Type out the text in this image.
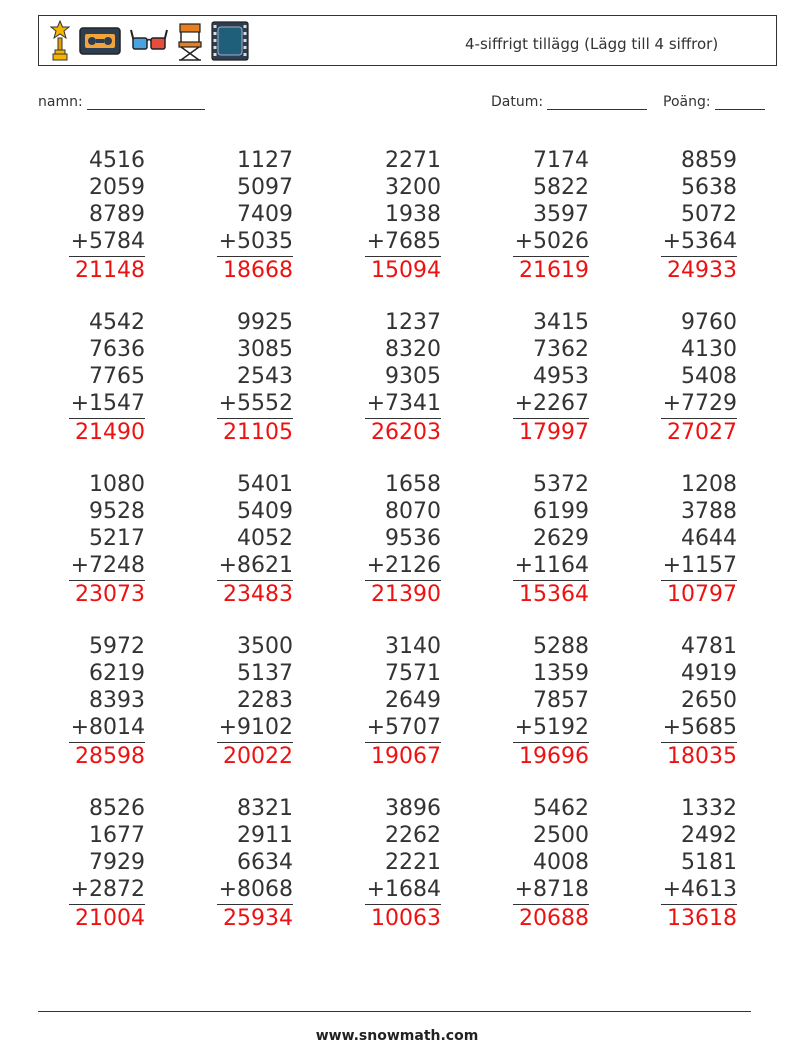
4-siffrigt tillägg (Lägg till 4 siffror)
namn:	Datum:	Poäng:
4516
2059
8789
+5784
21148
1127
5097
7409
+5035
18668
2271
3200
1938
+7685
15094
7174
5822
3597
+5026
21619
8859
5638
5072
+5364
24933
4542
7636
7765
+1547
21490
9925
3085
2543
+5552
21105
1237
8320
9305
+7341
26203
3415
7362
4953
+2267
17997
9760
4130
5408
+7729
27027
1080
9528
5217
+7248
23073
5401
5409
4052
+8621
23483
1658
8070
9536
+2126
21390
5372
6199
2629
+1164
15364
1208
3788
4644
+1157
10797
5972
6219
8393
+8014
28598
3500
5137
2283
+9102
20022
3140
7571
2649
+5707
19067
5288
1359
7857
+5192
19696
4781
4919
2650
+5685
18035
8526
1677
7929
+2872
21004
8321
2911
6634
+8068
25934
3896
2262
2221
+1684
10063
5462
2500
4008
+8718
20688
1332
2492
5181
+4613
13618
www.snowmath.com
